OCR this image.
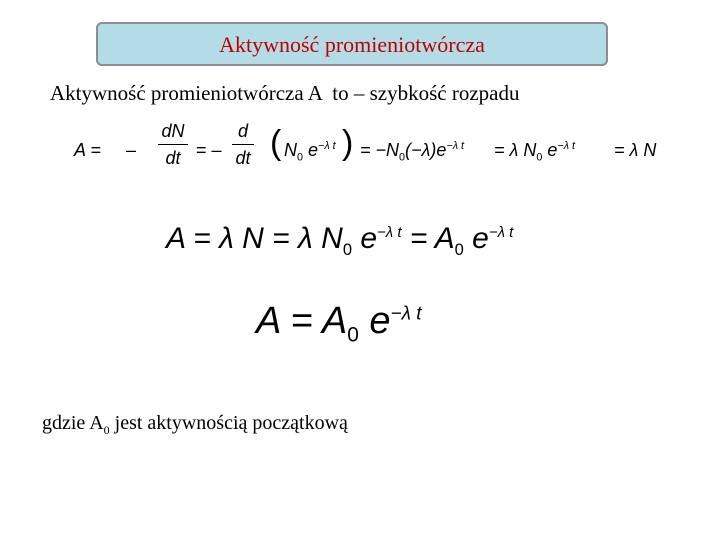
Aktywność promieniotwórcza
Aktywność promieniotwórcza A  to – szybkość rozpadu
A = –
dN
dt = –
d
dt ( $N_0$ $e^{-\lambda t}$ ) = $-N_0(-\lambda)e^{-\lambda t} = \lambda$ $N_0$ $e^{-\lambda t} = \lambda$ N
A = λ N = λ $N_0$ $e^{-\lambda t} = A_0$ $e^{-\lambda t}$
$A = A_0$ $e^{-\lambda t}$
gdzie $A_0$ jest aktywnością początkową
